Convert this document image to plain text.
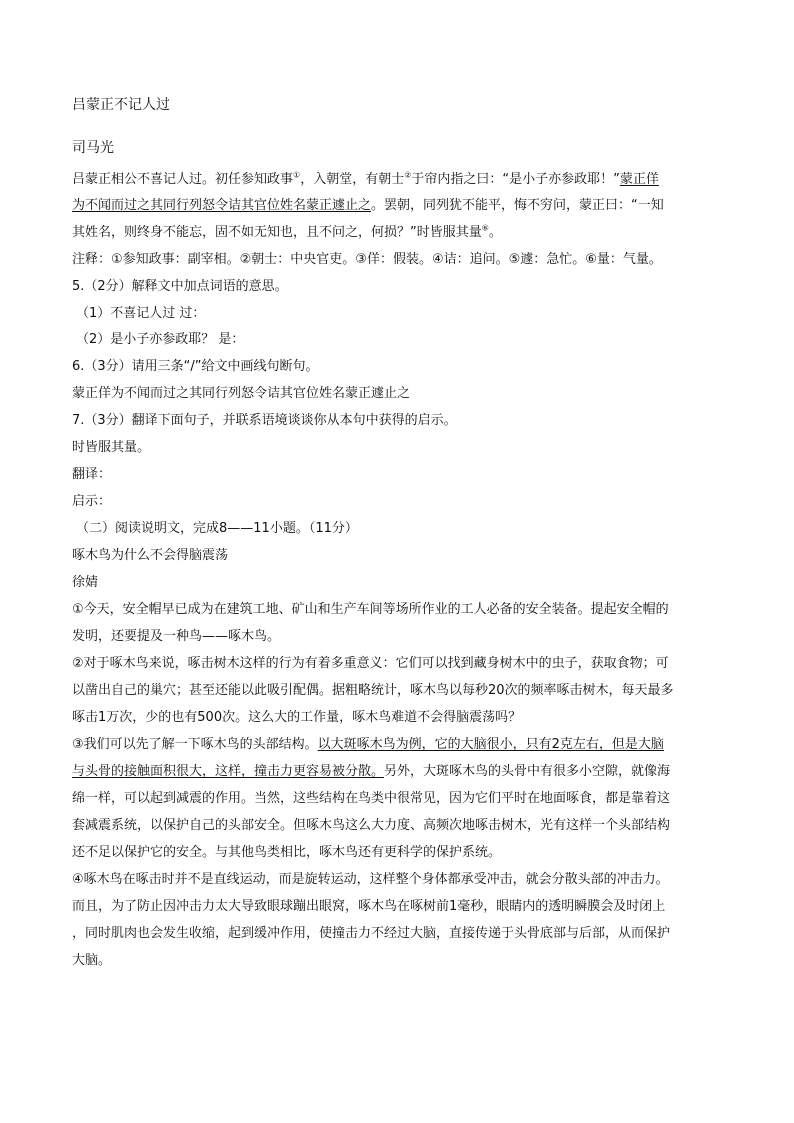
吕蒙正不记人过
司马光
吕蒙正相公不喜记人过。初任参知政事①，入朝堂，有朝士②于帘内指之曰：“是小子亦参政耶！”蒙正佯
为不闻而过之其同行列怒令诘其官位姓名蒙正遽止之。罢朝，同列犹不能平，悔不穷问，蒙正曰：“一知
其姓名，则终身不能忘，固不如无知也，且不问之，何损？”时皆服其量⑥。
注释：①参知政事：副宰相。②朝士：中央官吏。③佯：假装。④诘：追问。⑤遽：急忙。⑥量：气量。
5.（2分）解释文中加点词语的意思。
（1）不喜记人过 过：
（2）是小子亦参政耶？ 是：
6.（3分）请用三条“/”给文中画线句断句。
蒙正佯为不闻而过之其同行列怒令诘其官位姓名蒙正遽止之
7.（3分）翻译下面句子，并联系语境谈谈你从本句中获得的启示。
时皆服其量。
翻译：
启示：
（二）阅读说明文，完成8——11小题。（11分）
啄木鸟为什么不会得脑震荡
徐婧
①今天，安全帽早已成为在建筑工地、矿山和生产车间等场所作业的工人必备的安全装备。提起安全帽的
发明，还要提及一种鸟——啄木鸟。
②对于啄木鸟来说，啄击树木这样的行为有着多重意义：它们可以找到藏身树木中的虫子，获取食物；可
以凿出自己的巢穴；甚至还能以此吸引配偶。据粗略统计，啄木鸟以每秒20次的频率啄击树木，每天最多
啄击1万次，少的也有500次。这么大的工作量，啄木鸟难道不会得脑震荡吗？
③我们可以先了解一下啄木鸟的头部结构。以大斑啄木鸟为例，它的大脑很小，只有2克左右，但是大脑
与头骨的接触面积很大，这样，撞击力更容易被分散。另外，大斑啄木鸟的头骨中有很多小空隙，就像海
绵一样，可以起到减震的作用。当然，这些结构在鸟类中很常见，因为它们平时在地面啄食，都是靠着这
套减震系统，以保护自己的头部安全。但啄木鸟这么大力度、高频次地啄击树木，光有这样一个头部结构
还不足以保护它的安全。与其他鸟类相比，啄木鸟还有更科学的保护系统。
④啄木鸟在啄击时并不是直线运动，而是旋转运动，这样整个身体都承受冲击，就会分散头部的冲击力。
而且，为了防止因冲击力太大导致眼球蹦出眼窝，啄木鸟在啄树前1毫秒，眼睛内的透明瞬膜会及时闭上
，同时肌肉也会发生收缩，起到缓冲作用，使撞击力不经过大脑，直接传递于头骨底部与后部，从而保护
大脑。
